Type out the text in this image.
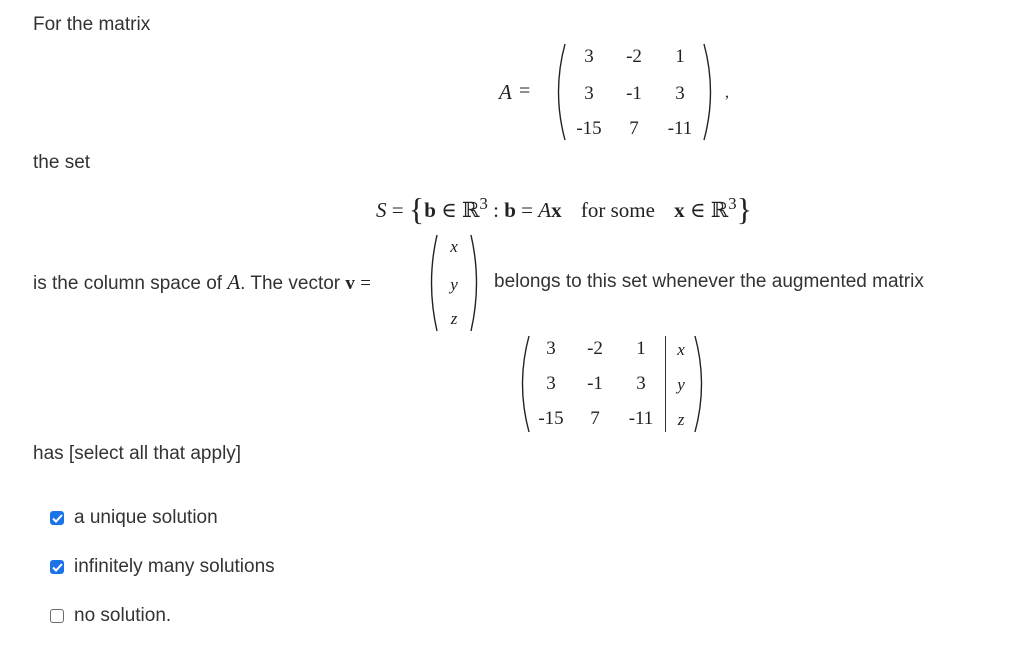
For the matrix
A =
3	-2	1
3	-1	3
-15	7	-11
,
the set
S = {b ∈ ℝ$^3$ : b = Ax for some x ∈ ℝ$^3$}
is the column space of A. The vector v =
x
y
z
belongs to this set whenever the augmented matrix
3	-2	1	x
3	-1	3	y
-15	7	-11	z
has [select all that apply]
a unique solution
infinitely many solutions
no solution.
